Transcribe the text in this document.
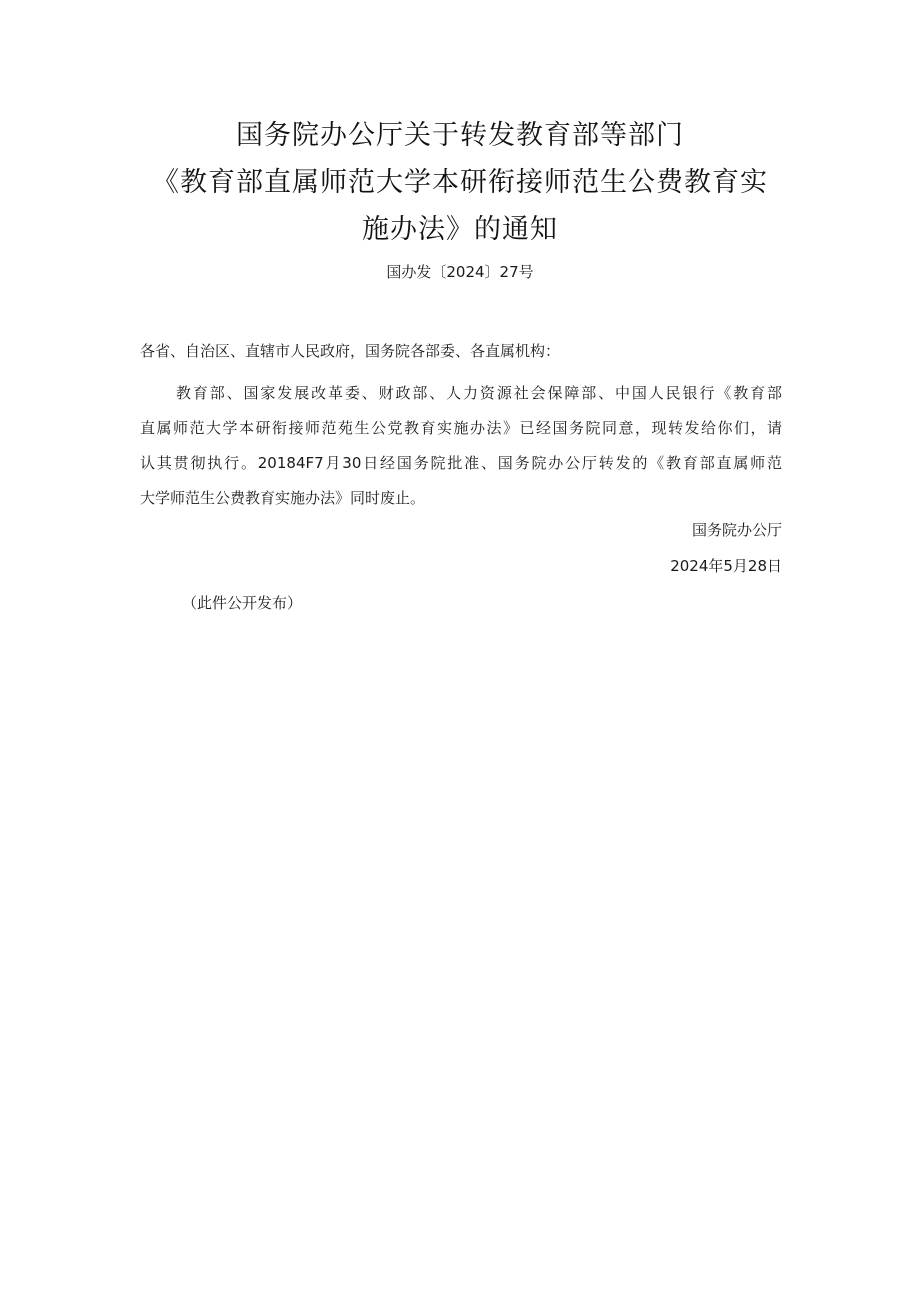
国务院办公厅关于转发教育部等部门
《教育部直属师范大学本研衔接师范生公费教育实
施办法》的通知
国办发〔2024〕27号
各省、自治区、直辖市人民政府，国务院各部委、各直属机构：
教育部、国家发展改革委、财政部、人力资源社会保障部、中国人民银行《教育部
直属师范大学本研衔接师范苑生公党教育实施办法》已经国务院同意，现转发给你们，请
认其贯彻执行。20184F7月30日经国务院批准、国务院办公厅转发的《教育部直属师范
大学师范生公费教育实施办法》同时废止。
国务院办公厅
2024年5月28日
（此件公开发布）
